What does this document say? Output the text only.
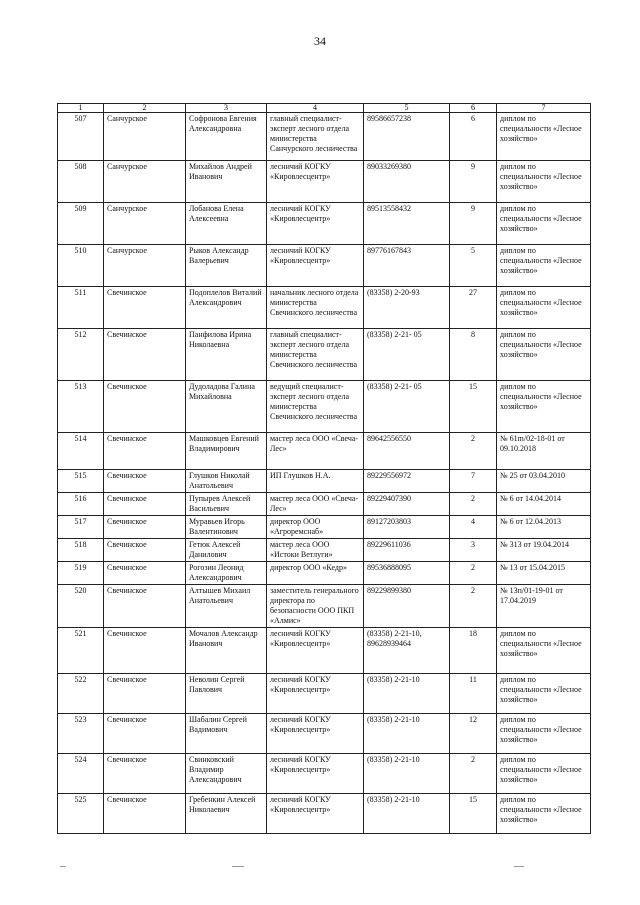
34
1	2	3	4	5	6	7
507	Санчурское	Софронова Евгения Александровна	главный специалист-эксперт лесного отдела министерства Санчурского лесничества	89586657238	6	диплом по специальности «Лесное хозяйство»
508	Санчурское	Михайлов Андрей Иванович	лесничий КОГКУ «Кировлесцентр»	89033269380	9	диплом по специальности «Лесное хозяйство»
509	Санчурское	Лобанова Елена Алексеевна	лесничий КОГКУ «Кировлесцентр»	89513558432	9	диплом по специальности «Лесное хозяйство»
510	Санчурское	Рыков Александр Валерьевич	лесничий КОГКУ «Кировлесцентр»	89776167843	5	диплом по специальности «Лесное хозяйство»
511	Свечинское	Подоплелов Виталий Александрович	начальник лесного отдела министерства Свечинского лесничества	(83358) 2-20-93	27	диплом по специальности «Лесное хозяйство»
512	Свечинское	Панфилова Ирина Николаевна	главный специалист-эксперт лесного отдела министерства Свечинского лесничества	(83358) 2-21- 05	8	диплом по специальности «Лесное хозяйство»
513	Свечинское	Дудоладова Галина Михайловна	ведущий специалист-эксперт лесного отдела министерства Свечинского лесничества	(83358) 2-21- 05	15	диплом по специальности «Лесное хозяйство»
514	Свечинское	Машковцев Евгений Владимирович	мастер леса ООО «Свеча-Лес»	89642556550	2	№ 61m/02-18-01 от 09.10.2018
515	Свечинское	Глушков Николай Анатольевич	ИП Глушков Н.А.	89229556972	7	№ 25 от 03.04.2010
516	Свечинское	Пупырев Алексей Васильевич	мастер леса ООО «Свеча-Лес»	89229407390	2	№ 6 от 14.04.2014
517	Свечинское	Муравьев Игорь Валентинович	директор ООО «Агроремснаб»	89127203803	4	№ 6 от 12.04.2013
518	Свечинское	Гетюк Алексей Данилович	мастер леса ООО «Истоки Ветлуги»	89229611036	3	№ 313 от 19.04.2014
519	Свечинское	Рогозин Леонид Александрович	директор ООО «Кедр»	89536888095	2	№ 13 от 15.04.2015
520	Свечинское	Алтышев Михаил Анатольевич	заместитель генерального директора по безопасности ООО ПКП «Алмис»	89229899380	2	№ 13п/01-19-01 от 17.04.2019
521	Свечинское	Мочалов Александр Иванович	лесничий КОГКУ «Кировлесцентр»	(83358) 2-21-10, 89628939464	18	диплом по специальности «Лесное хозяйство»
522	Свечинское	Неволин Сергей Павлович	лесничий КОГКУ «Кировлесцентр»	(83358) 2-21-10	11	диплом по специальности «Лесное хозяйство»
523	Свечинское	Шабалин Сергей Вадимович	лесничий КОГКУ «Кировлесцентр»	(83358) 2-21-10	12	диплом по специальности «Лесное хозяйство»
524	Свечинское	Свинковский Владимир Александрович	лесничий КОГКУ «Кировлесцентр»	(83358) 2-21-10	2	диплом по специальности «Лесное хозяйство»
525	Свечинское	Гребенкин Алексей Николаевич	лесничий КОГКУ «Кировлесцентр»	(83358) 2-21-10	15	диплом по специальности «Лесное хозяйство»
